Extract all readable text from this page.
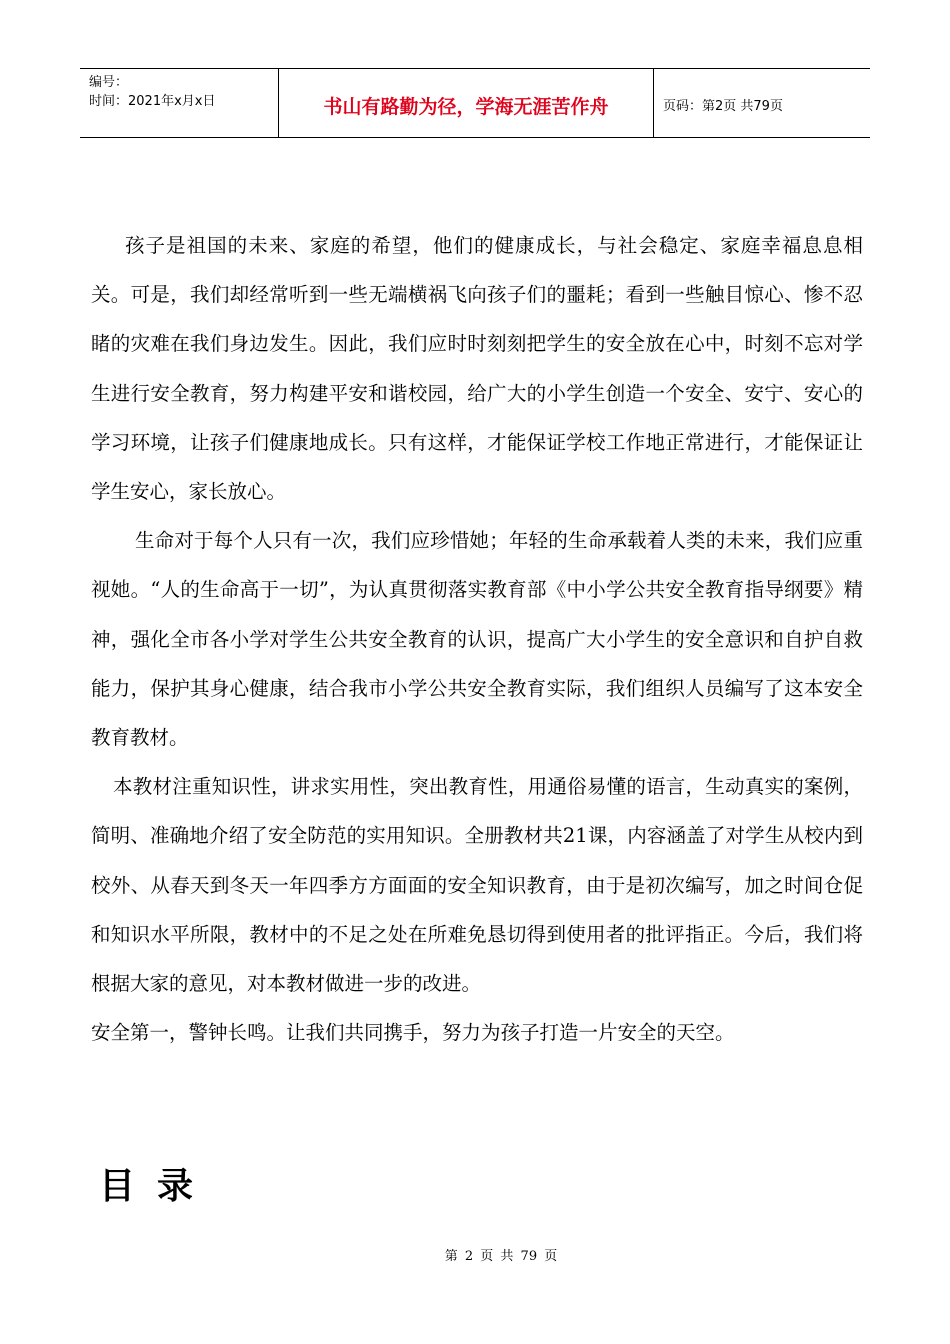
编号：
时间：2021年x月x日	书山有路勤为径，学海无涯苦作舟	页码：第2页 共79页

孩子是祖国的未来、家庭的希望，他们的健康成长，与社会稳定、家庭幸福息息相关。可是，我们却经常听到一些无端横祸飞向孩子们的噩耗；看到一些触目惊心、惨不忍睹的灾难在我们身边发生。因此，我们应时时刻刻把学生的安全放在心中，时刻不忘对学生进行安全教育，努力构建平安和谐校园，给广大的小学生创造一个安全、安宁、安心的学习环境，让孩子们健康地成长。只有这样，才能保证学校工作地正常进行，才能保证让学生安心，家长放心。

生命对于每个人只有一次，我们应珍惜她；年轻的生命承载着人类的未来，我们应重视她。“人的生命高于一切”，为认真贯彻落实教育部《中小学公共安全教育指导纲要》精神，强化全市各小学对学生公共安全教育的认识，提高广大小学生的安全意识和自护自救能力，保护其身心健康，结合我市小学公共安全教育实际，我们组织人员编写了这本安全教育教材。

本教材注重知识性，讲求实用性，突出教育性，用通俗易懂的语言，生动真实的案例，简明、准确地介绍了安全防范的实用知识。全册教材共21课，内容涵盖了对学生从校内到校外、从春天到冬天一年四季方方面面的安全知识教育，由于是初次编写，加之时间仓促和知识水平所限，教材中的不足之处在所难免恳切得到使用者的批评指正。今后，我们将根据大家的意见，对本教材做进一步的改进。

安全第一，警钟长鸣。让我们共同携手，努力为孩子打造一片安全的天空。

目录
第 2 页 共 79 页
